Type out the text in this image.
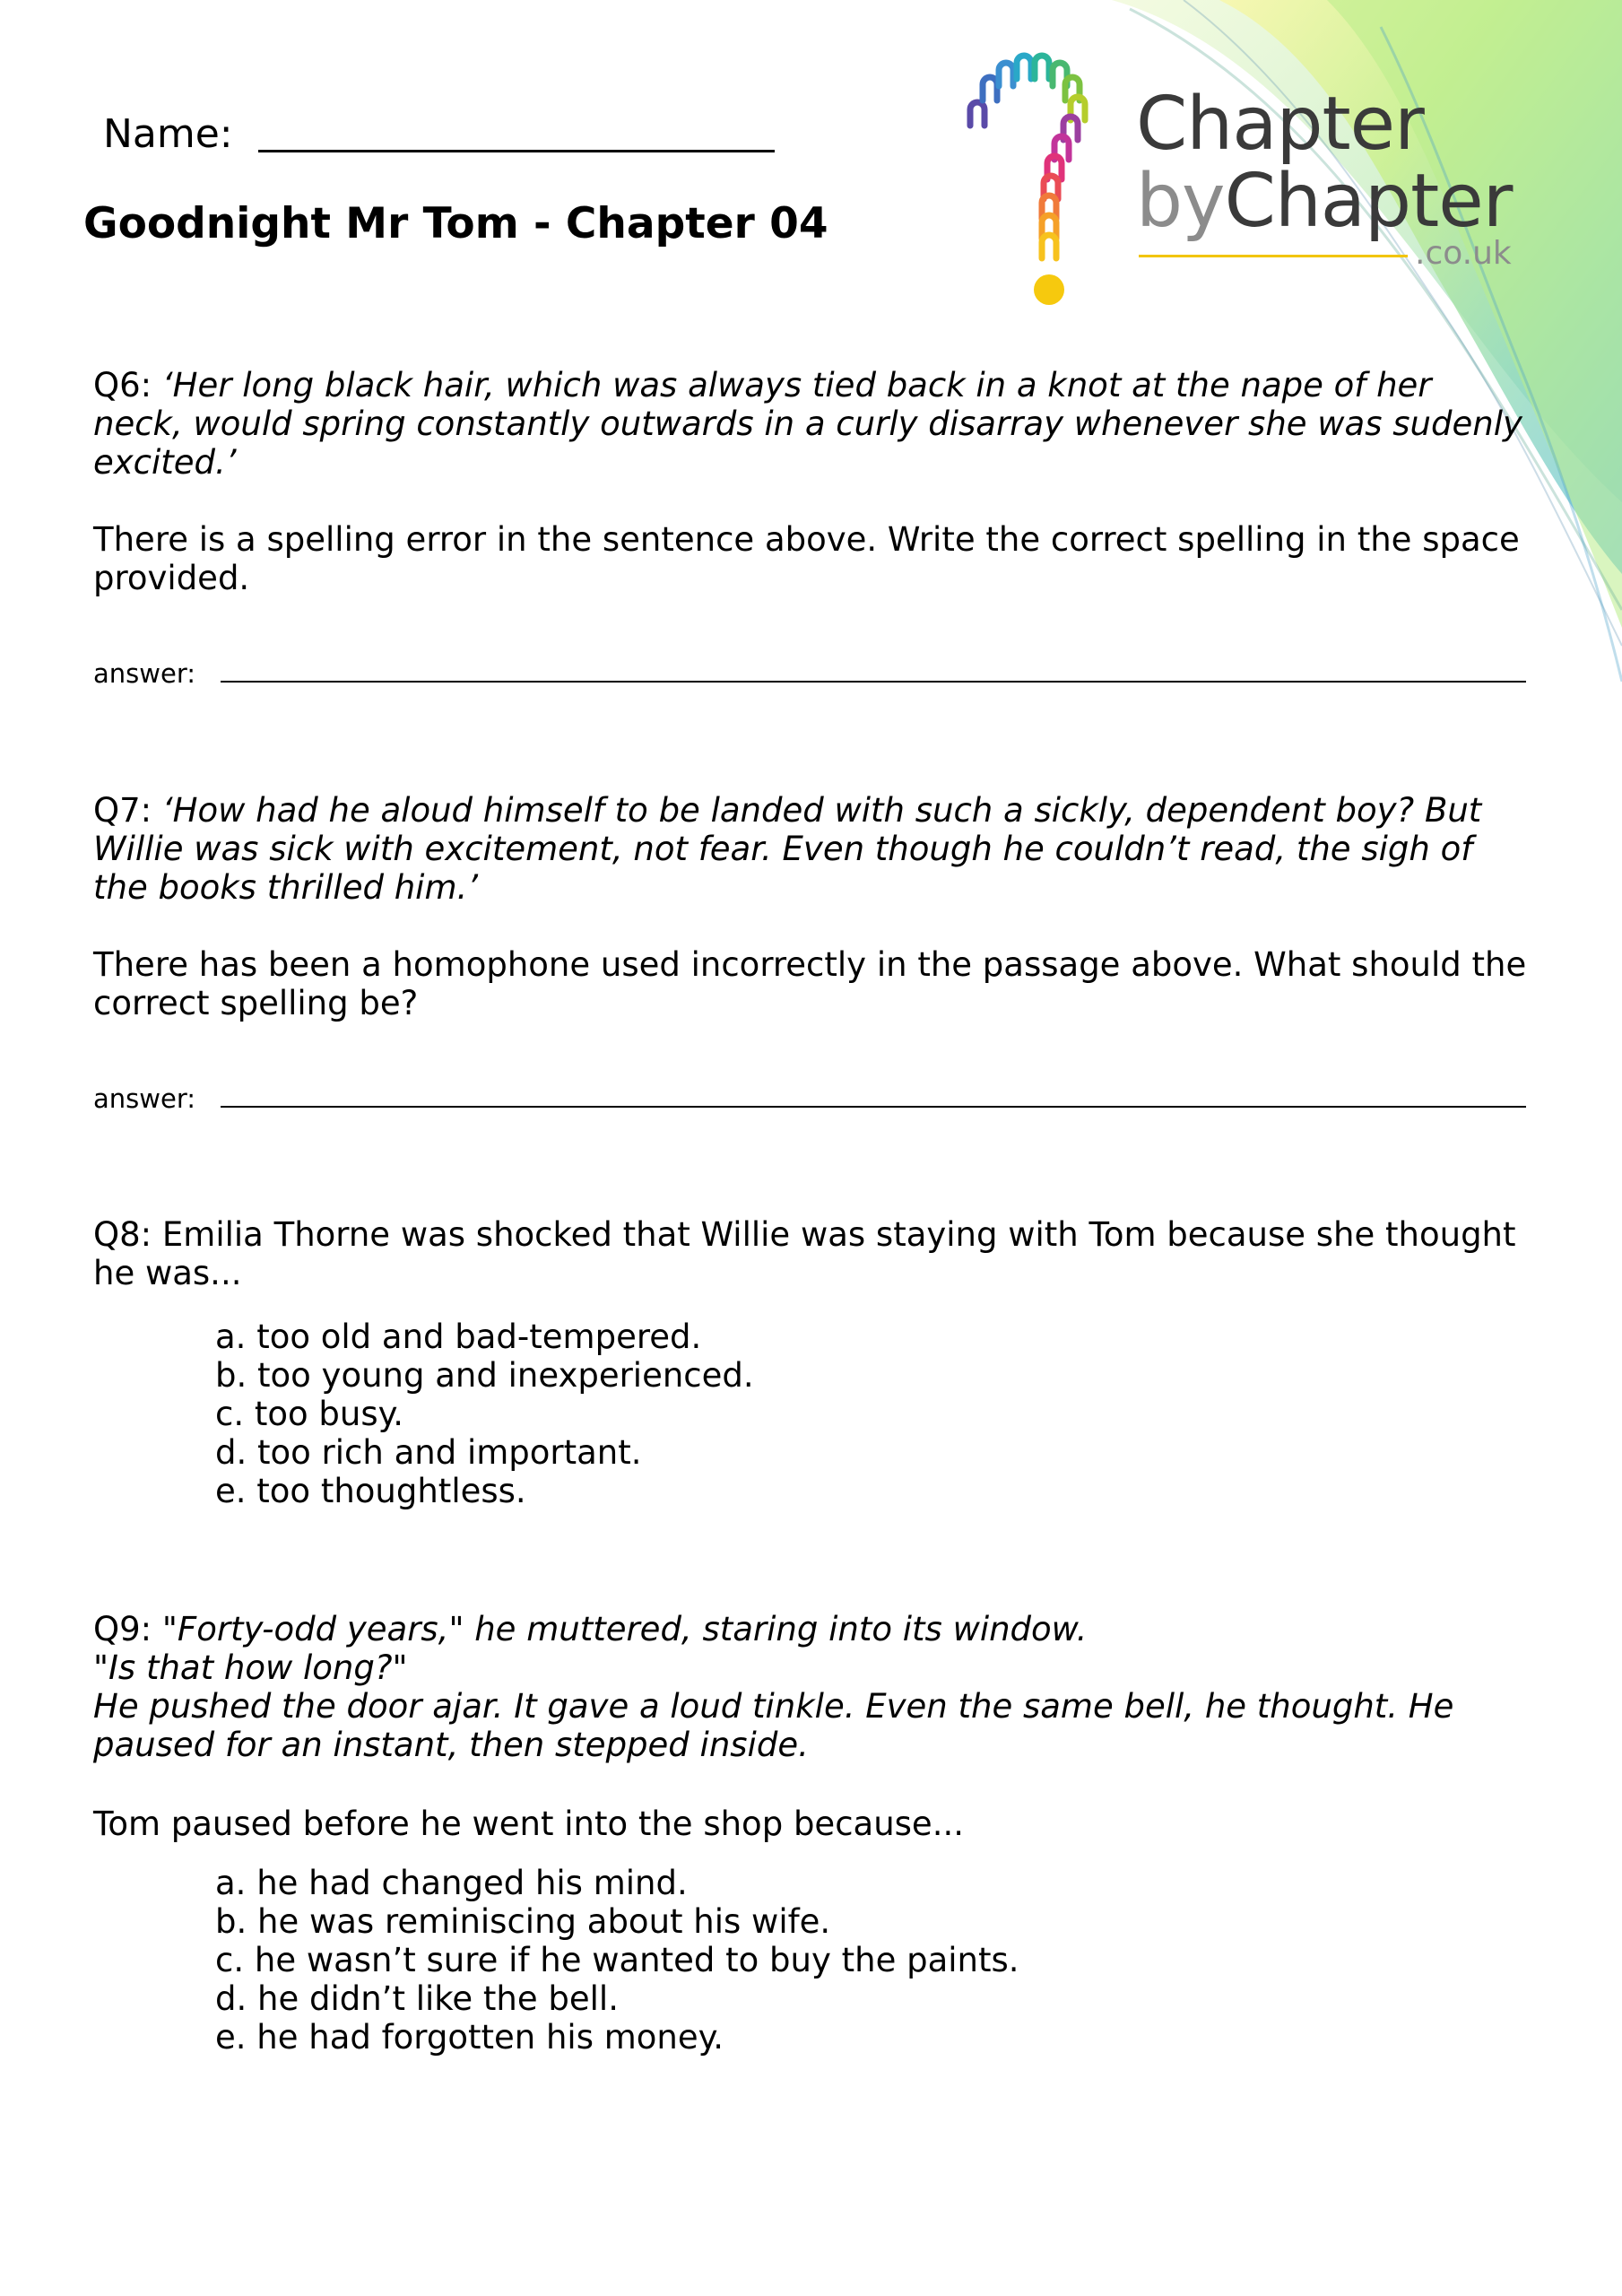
Name:
Goodnight Mr Tom - Chapter 04
Chapter
byChapter
.co.uk
Q6: ‘Her long black hair, which was always tied back in a knot at the nape of her neck, would spring constantly outwards in a curly disarray whenever she was sudenly excited.’
There is a spelling error in the sentence above. Write the correct spelling in the space provided.
answer:
Q7: ‘How had he aloud himself to be landed with such a sickly, dependent boy? But Willie was sick with excitement, not fear. Even though he couldn’t read, the sigh of the books thrilled him.’
There has been a homophone used incorrectly in the passage above. What should the correct spelling be?
answer:
Q8: Emilia Thorne was shocked that Willie was staying with Tom because she thought he was...
a. too old and bad-tempered.
b. too young and inexperienced.
c. too busy.
d. too rich and important.
e. too thoughtless.
Q9: "Forty-odd years," he muttered, staring into its window.
"Is that how long?"
He pushed the door ajar. It gave a loud tinkle. Even the same bell, he thought. He paused for an instant, then stepped inside.
Tom paused before he went into the shop because...
a. he had changed his mind.
b. he was reminiscing about his wife.
c. he wasn’t sure if he wanted to buy the paints.
d. he didn’t like the bell.
e. he had forgotten his money.
